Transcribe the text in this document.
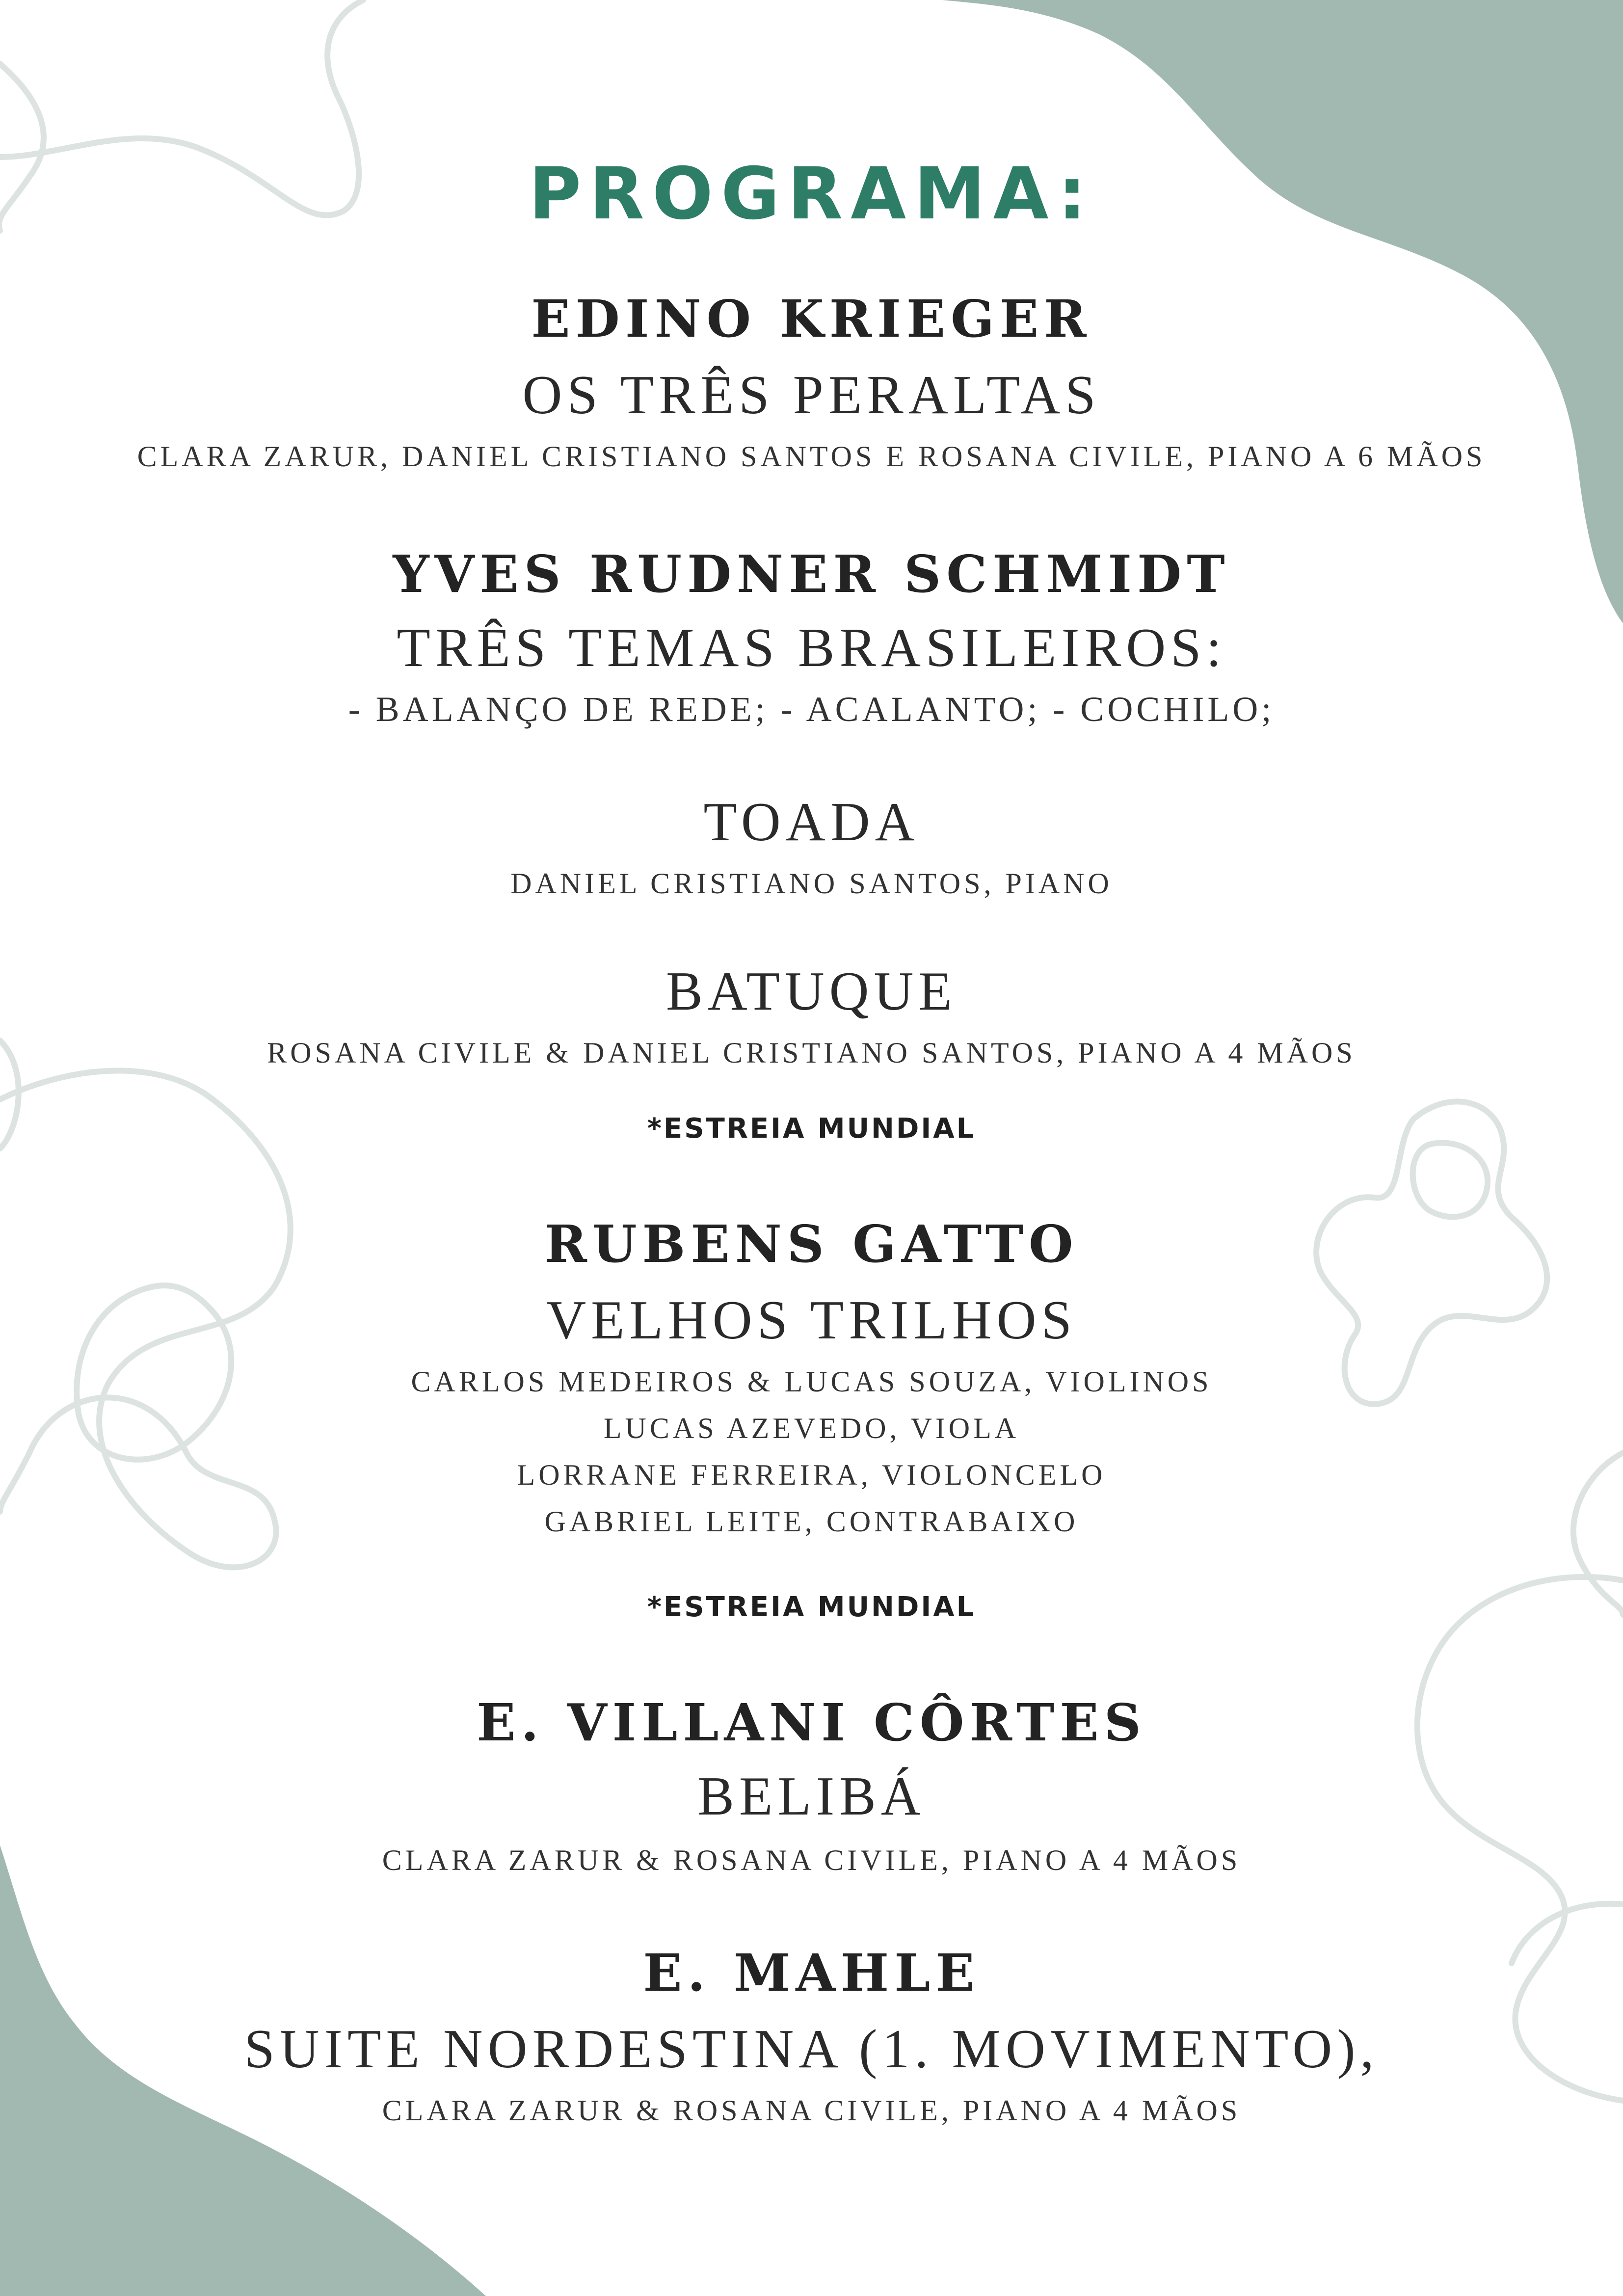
PROGRAMA:
EDINO KRIEGER
OS TRÊS PERALTAS
CLARA ZARUR, DANIEL CRISTIANO SANTOS E ROSANA CIVILE, PIANO A 6 MÃOS
YVES RUDNER SCHMIDT
TRÊS TEMAS BRASILEIROS:
- BALANÇO DE REDE; - ACALANTO; - COCHILO;
TOADA
DANIEL CRISTIANO SANTOS, PIANO
BATUQUE
ROSANA CIVILE & DANIEL CRISTIANO SANTOS, PIANO A 4 MÃOS
*ESTREIA MUNDIAL
RUBENS GATTO
VELHOS TRILHOS
CARLOS MEDEIROS & LUCAS SOUZA, VIOLINOS
LUCAS AZEVEDO, VIOLA
LORRANE FERREIRA, VIOLONCELO
GABRIEL LEITE, CONTRABAIXO
*ESTREIA MUNDIAL
E. VILLANI CÔRTES
BELIBÁ
CLARA ZARUR & ROSANA CIVILE, PIANO A 4 MÃOS
E. MAHLE
SUITE NORDESTINA (1. MOVIMENTO),
CLARA ZARUR & ROSANA CIVILE, PIANO A 4 MÃOS
